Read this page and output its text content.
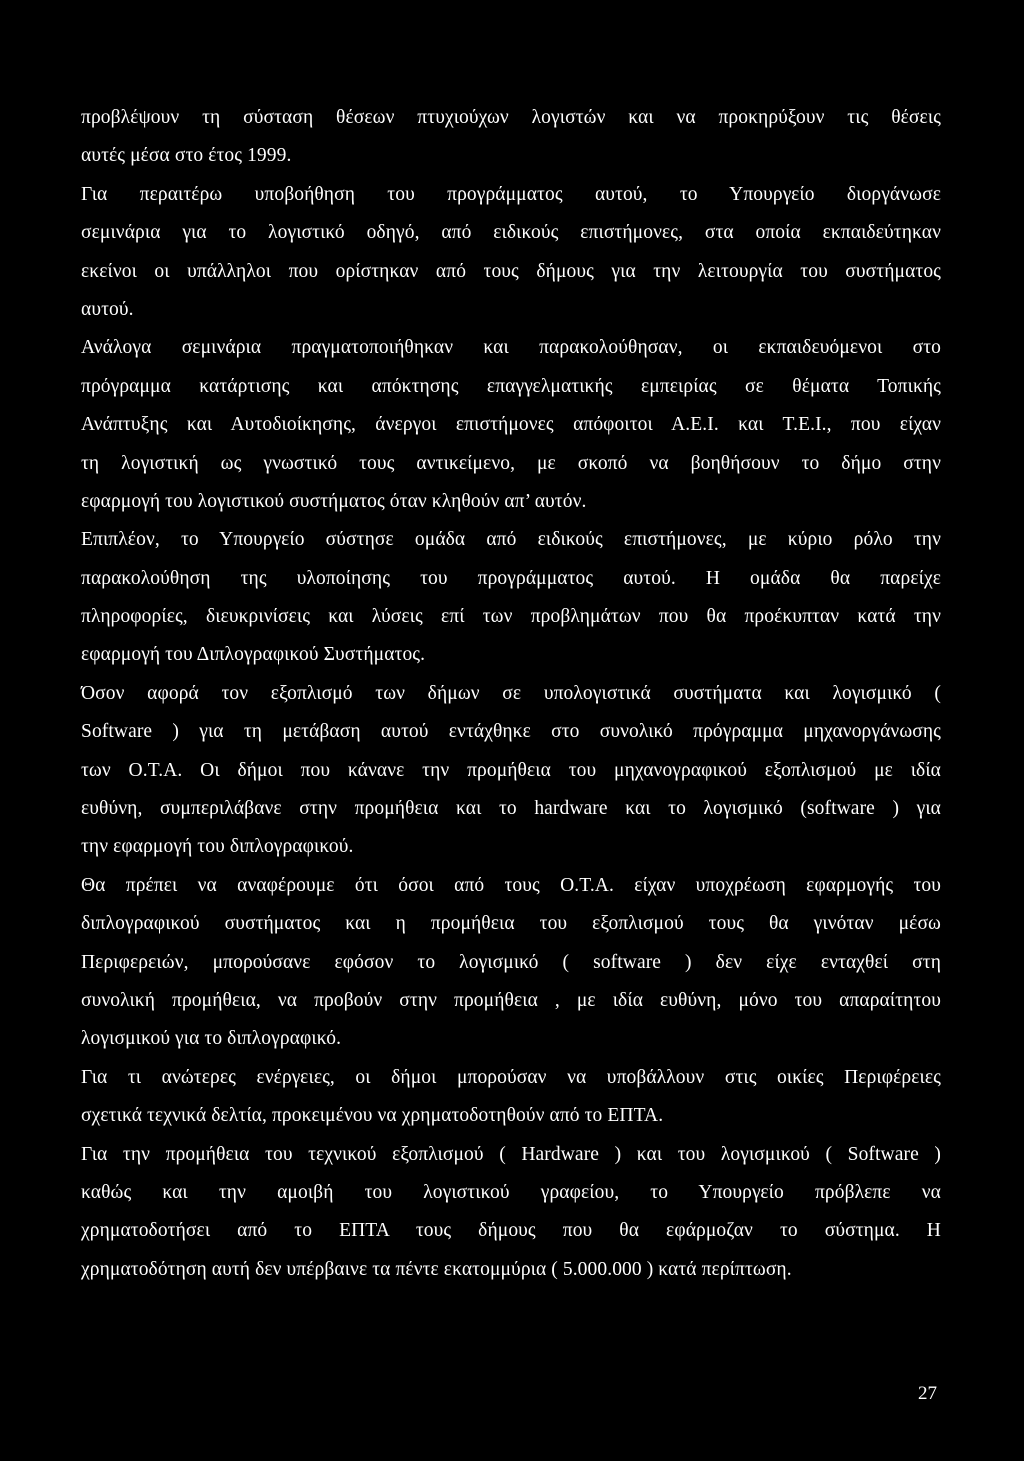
προβλέψουν τη σύσταση θέσεων πτυχιούχων λογιστών και να προκηρύξουν τις θέσεις
αυτές μέσα στο έτος 1999.
Για περαιτέρω υποβοήθηση του προγράμματος αυτού, το Υπουργείο διοργάνωσε
σεμινάρια για το λογιστικό οδηγό, από ειδικούς επιστήμονες, στα οποία εκπαιδεύτηκαν
εκείνοι οι υπάλληλοι που ορίστηκαν από τους δήμους για την λειτουργία του συστήματος
αυτού.
Ανάλογα σεμινάρια πραγματοποιήθηκαν και παρακολούθησαν, οι εκπαιδευόμενοι στο
πρόγραμμα κατάρτισης και απόκτησης επαγγελματικής εμπειρίας σε θέματα Τοπικής
Ανάπτυξης και Αυτοδιοίκησης, άνεργοι επιστήμονες απόφοιτοι Α.Ε.Ι. και Τ.Ε.Ι., που είχαν
τη λογιστική ως γνωστικό τους αντικείμενο, με σκοπό να βοηθήσουν το δήμο στην
εφαρμογή του λογιστικού συστήματος όταν κληθούν απ’ αυτόν.
Επιπλέον, το Υπουργείο σύστησε ομάδα από ειδικούς επιστήμονες, με κύριο ρόλο την
παρακολούθηση της υλοποίησης του προγράμματος αυτού. Η ομάδα θα παρείχε
πληροφορίες, διευκρινίσεις και λύσεις επί των προβλημάτων που θα προέκυπταν κατά την
εφαρμογή του Διπλογραφικού Συστήματος.
Όσον αφορά τον εξοπλισμό των δήμων σε υπολογιστικά συστήματα και λογισμικό (
Software ) για τη μετάβαση αυτού εντάχθηκε στο συνολικό πρόγραμμα μηχανοργάνωσης
των Ο.Τ.Α. Οι δήμοι που κάνανε την προμήθεια του μηχανογραφικού εξοπλισμού με ιδία
ευθύνη, συμπεριλάβανε στην προμήθεια και το hardware και το λογισμικό (software ) για
την εφαρμογή του διπλογραφικού.
Θα πρέπει να αναφέρουμε ότι όσοι από τους Ο.Τ.Α. είχαν υποχρέωση εφαρμογής του
διπλογραφικού συστήματος και η προμήθεια του εξοπλισμού τους θα γινόταν μέσω
Περιφερειών, μπορούσανε εφόσον το λογισμικό ( software ) δεν είχε ενταχθεί στη
συνολική προμήθεια, να προβούν στην προμήθεια , με ιδία ευθύνη, μόνο του απαραίτητου
λογισμικού για το διπλογραφικό.
Για τι ανώτερες ενέργειες, οι δήμοι μπορούσαν να υποβάλλουν στις οικίες Περιφέρειες
σχετικά τεχνικά δελτία, προκειμένου να χρηματοδοτηθούν από το ΕΠΤΑ.
Για την προμήθεια του τεχνικού εξοπλισμού ( Hardware ) και του λογισμικού ( Software )
καθώς και την αμοιβή του λογιστικού γραφείου, το Υπουργείο πρόβλεπε να
χρηματοδοτήσει από το ΕΠΤΑ τους δήμους που θα εφάρμοζαν το σύστημα. Η
χρηματοδότηση αυτή δεν υπέρβαινε τα πέντε εκατομμύρια ( 5.000.000 ) κατά περίπτωση.
27
